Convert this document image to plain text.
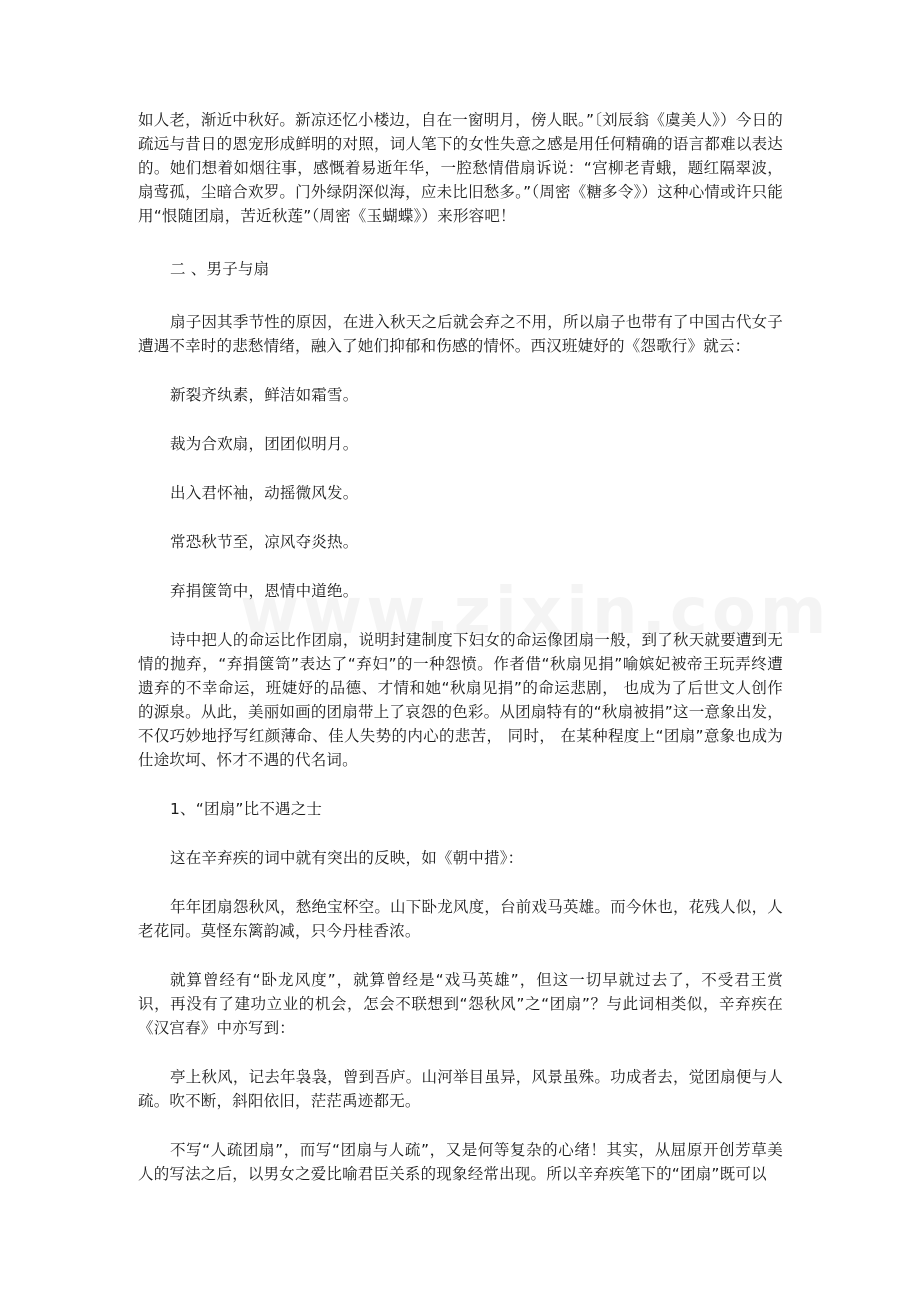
如人老，渐近中秋好。新凉还忆小楼边，自在一窗明月，傍人眠。”〔刘辰翁《虞美人》）今日的疏远与昔日的恩宠形成鲜明的对照，词人笔下的女性失意之感是用任何精确的语言都难以表达的。她们想着如烟往事，感慨着易逝年华，一腔愁情借扇诉说：“宫柳老青蛾，题红隔翠波，扇莺孤，尘暗合欢罗。门外绿阴深似海，应未比旧愁多。”（周密《糖多令》）这种心情或许只能用“恨随团扇，苦近秋莲”（周密《玉蝴蝶》）来形容吧！

二 、男子与扇

扇子因其季节性的原因，在进入秋天之后就会弃之不用，所以扇子也带有了中国古代女子遭遇不幸时的悲愁情绪，融入了她们抑郁和伤感的情怀。西汉班婕妤的《怨歌行》就云：

新裂齐纨素，鲜洁如霜雪。

裁为合欢扇，团团似明月。

出入君怀袖，动摇微风发。

常恐秋节至，凉风夺炎热。

弃捐箧笥中，恩情中道绝。

诗中把人的命运比作团扇，说明封建制度下妇女的命运像团扇一般，到了秋天就要遭到无情的抛弃，“弃捐箧笥”表达了“弃妇”的一种怨愤。作者借“秋扇见捐”喻嫔妃被帝王玩弄终遭遗弃的不幸命运，班婕妤的品德、才情和她“秋扇见捐”的命运悲剧， 也成为了后世文人创作的源泉。从此，美丽如画的团扇带上了哀怨的色彩。从团扇特有的“秋扇被捐”这一意象出发，不仅巧妙地抒写红颜薄命、佳人失势的内心的悲苦， 同时， 在某种程度上“团扇”意象也成为仕途坎坷、怀才不遇的代名词。

1、“团扇”比不遇之士

这在辛弃疾的词中就有突出的反映，如《朝中措》：

年年团扇怨秋风，愁绝宝杯空。山下卧龙风度，台前戏马英雄。而今休也，花残人似，人老花同。莫怪东篱韵减，只今丹桂香浓。

就算曾经有“卧龙风度”，就算曾经是“戏马英雄”，但这一切早就过去了，不受君王赏识，再没有了建功立业的机会，怎会不联想到“怨秋风”之“团扇”？与此词相类似，辛弃疾在《汉宫春》中亦写到：

亭上秋风，记去年袅袅，曾到吾庐。山河举目虽异，风景虽殊。功成者去，觉团扇便与人疏。吹不断，斜阳依旧，茫茫禹迹都无。

不写“人疏团扇”，而写“团扇与人疏”，又是何等复杂的心绪！其实，从屈原开创芳草美人的写法之后，以男女之爱比喻君臣关系的现象经常出现。所以辛弃疾笔下的“团扇”既可以
